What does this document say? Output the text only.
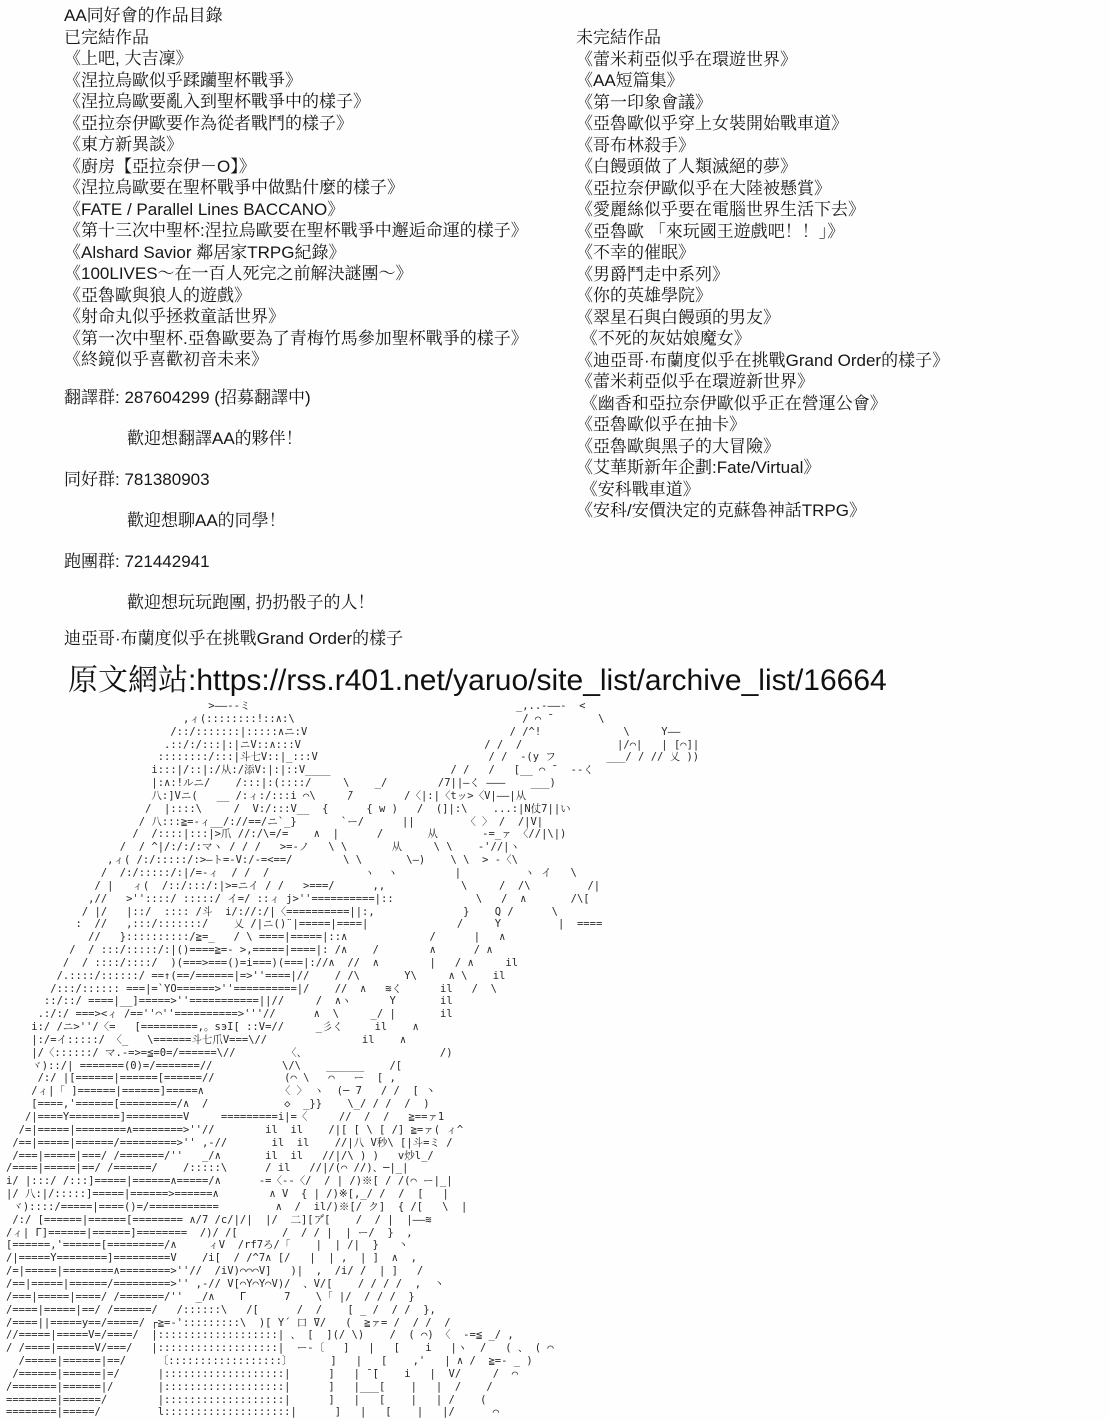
AA同好會的作品目錄
已完結作品
《上吧, 大吉凜》
《涅拉烏歐似乎蹂躪聖杯戰爭》
《涅拉烏歐要亂入到聖杯戰爭中的樣子》
《亞拉奈伊歐要作為從者戰鬥的樣子》
《東方新異談》
《廚房【亞拉奈伊－O】》
《涅拉烏歐要在聖杯戰爭中做點什麼的樣子》
《FATE / Parallel Lines BACCANO》
《第十三次中聖杯:涅拉烏歐要在聖杯戰爭中邂逅命運的樣子》
《Alshard Savior 鄰居家TRPG紀錄》
《100LIVES～在一百人死完之前解決謎團～》
《亞魯歐與狼人的遊戲》
《射命丸似乎拯救童話世界》
《第一次中聖杯.亞魯歐要為了青梅竹馬參加聖杯戰爭的樣子》
《終鏡似乎喜歡初音未来》
未完結作品
《蕾米莉亞似乎在環遊世界》
《AA短篇集》
《第一印象會議》
《亞魯歐似乎穿上女裝開始戰車道》
《哥布林殺手》
《白饅頭做了人類滅絕的夢》
《亞拉奈伊歐似乎在大陸被懸賞》
《愛麗絲似乎要在電腦世界生活下去》
《亞魯歐 「來玩國王遊戲吧！！」》
《不幸的催眠》
《男爵鬥走中系列》
《你的英雄學院》
《翠星石與白饅頭的男友》
《不死的灰姑娘魔女》
《迪亞哥·布蘭度似乎在挑戰Grand Order的樣子》
《蕾米莉亞似乎在環遊新世界》
《幽香和亞拉奈伊歐似乎正在營運公會》
《亞魯歐似乎在抽卡》
《亞魯歐與黑子的大冒險》
《艾華斯新年企劃:Fate/Virtual》
《安科戰車道》
《安科/安價決定的克蘇魯神話TRPG》
翻譯群: 287604299 (招募翻譯中)
歡迎想翻譯AA的夥伴！
同好群: 781380903
歡迎想聊AA的同學！
跑團群: 721442941
歡迎想玩玩跑團, 扔扔骰子的人！
迪亞哥·布蘭度似乎在挑戰Grand Order的樣子
原文網站:https://rss.r401.net/yaruo/site_list/archive_list/16664
>――--ミ                                          _,..-――-  <
,ィ(::::::::!::∧:\                                    / ⌒ ̄        \
/::/:::::::|:::::∧ニ:V                                / /^!             \     Y――
.::/:/:::|:|ニV::∧:::V                             / /  /               |/⌒|   | [⌒]|
::::::::/:::|斗七V::|_:::V                           / /  ‐(y フ        ___/ / // 乂 ))
i:::|/::|:/从:/添V:|:|::V____                   / /   /   [__ ⌒ ̄   --く
|:∧:!ルニ/    /:::|:(::::/     \    _/        /7||―く ―――    ___)
八:]Vニ(   __ /:ィ:/:::i ⌒\     ̄/        /〈|:|〈tッ>〈V|――|从
/  |::::\     /  V:/:::V__  {      { w )   /  (]|:\    ...:|N仗7||い
/ 八:::≧=-ィ__/://==/ニ`_}       `ー/      ||        〈 〉 /  /|V|
/  /::::|:::|>爪 //:/\=/=    ∧  |      /       从       -=_ァ 〈//|\|)
/  / ^|/:/:/:マヽ / / /   >=-ノ   \ \       从     \ \    -'//|ヽ
,ィ( /:/:::::/:>―ト=-V:/-=<==/        \ \       \―)    \ \  > -〈\
/  /:/:::::/:|/=-ィ  / /  /               ヽ  ヽ         |          ヽ イ   \
/ |   ィ(  /::/:::/:|>=ニイ / /   >===/      ,,            \     /  /\         /|
,//   >''::::/ :::::/ イ=/ ::ィ j>''==========|::             \   /  ∧       /\[
/ |/   |::/  :::: /斗  i/://:/|〈==========||:,              }    Q /      \
:  //   ,:::/:::::::/    乂 /|ニ()¨|=====|====|              /     Y         |  ====
//   }::::::::::/≧=_   / \ ====|=====|::∧             /      |   ∧
/  / :::/:::::/:|()====≧=- >,=====|====|: /∧    /        ∧      / ∧
/  / ::::/::::/  )(===>===()=i===)(===|://∧  //  ∧        |   / ∧     il
/.::::/::::::/ ==↑(==/======|=>''====|//    / /\       Y\     ∧ \    il
/:::/:::::: ===|=`YO======>''==========|/    //  ∧   ≋く      il   /  \
::/::/ ====|__]=====>''===========||//     /  ∧ヽ      Y       il
.:/:/ ===><ィ /==''⌒''==========>'''//      ∧  \     _/ |       il
i:/ /ニ>''/〈=   [=========,。sэI[ ::V=//     _彡く     il    ∧
|:/=イ:::::/ 〈_   \======斗七爪V===\//               il    ∧
|/〈::::::/ マ.-=>=≦=0=/======\//        〈、                     /)
ヾ)::/| =======(0)=/=======//           \/\    ______    /[
/:/ |[======|======[======//           (⌒ \   ⌒   ー  [ ,
/ィ|「 ]======|======]=====∧            〈 〉 ヽ  (─ 7   / /  [ 丶
[====,'======[=========/∧  /            ◇  _}}    \_/ / /  /  )
/|====Y========]=========V     =========i|=〈     //  /  /   ≧==ァ1
/=|=====|========∧========>''//        il  il    /|[ [ \ [ /] ≧=ァ( ィ^
/==|=====|======/=========>'' ,-//       il  il    //|八 V秒\ [|斗=ミ /
/===|=====|===/ /=======/''   _/∧       il  il   //|/\ ) )   v炒l_/
/====|=====|==/ /======/    /:::::\      / il   //|/(⌒ //)、─|_|
i/ |:::/ /:::]=====|======∧=====/∧      -=〈--〈/  / | /)※[ / /(⌒ ー|_|
|/ 八:|/:::::]=====|======>======∧        ∧ V  { | /)※[,_/ /  /  [   |
ヾ)::::/=====|====()=/===========         ∧  /  il/)※[/ ク]  { /[   \  |
/:/ [======|======[======== ∧/7 /c/|/|  |/  二][ア゚[    /  / |  |――≋
/ィ| Γ]======|======]========  /)/ /[       /  / / |  | ー/  }  ,
[======,'======[=========/∧     ィV  /rf7ろ/「    |  | /|  }   丶
/|=====Y========]=========V    /i[  / /^7∧ [/   |  | ,  | ]  ∧  ,
/=|=====|========∧========>''//  /iV)⌒⌒⌒V]   )|  ,  /i/ /  | ]   /
/==|=====|======/=========>'' ,-// V[⌒Y⌒Y⌒V)/  、V/[    / / / /  ,  丶
/===|=====|====/ /=======/''  _/∧    Γ      7    \「 |/  / / /  }
/====|=====|==/ /======/   /::::::\   /[      /  /    [ _ /  / /  },
/====||=====y==/=====/ ┌≧=-':::::::::\  )[ Y´ 口 ̄V/   (  ≧ァ= /  / /  /
//=====|=====V=/====/  |:::::::::::::::::::| 、 [  ](/ \)    /  ( ⌒) 〈  -=≦ _/ ,
/ /====|======V/===/   |:::::::::::::::::::|  ー-〔   ]   |   [    i   |ヽ  /   ( 、 ( ⌒
/=====|======|==/     〔::::::::::::::::::〕      ]   |   [    ,'   | ∧ /  ≧=- _ )
/======|======|=/      |:::::::::::::::::::|      ]   | ̄ ̄[    i   |  V/     /  ⌒
/=======|======|/       |:::::::::::::::::::|      ]   |___[    |   |  /    /
========|======/        |:::::::::::::::::::|      ]   |   [    |   | /    (
========|=====/         l::::::::::::::::::::|      ]   |   [    |   |/      ⌒
